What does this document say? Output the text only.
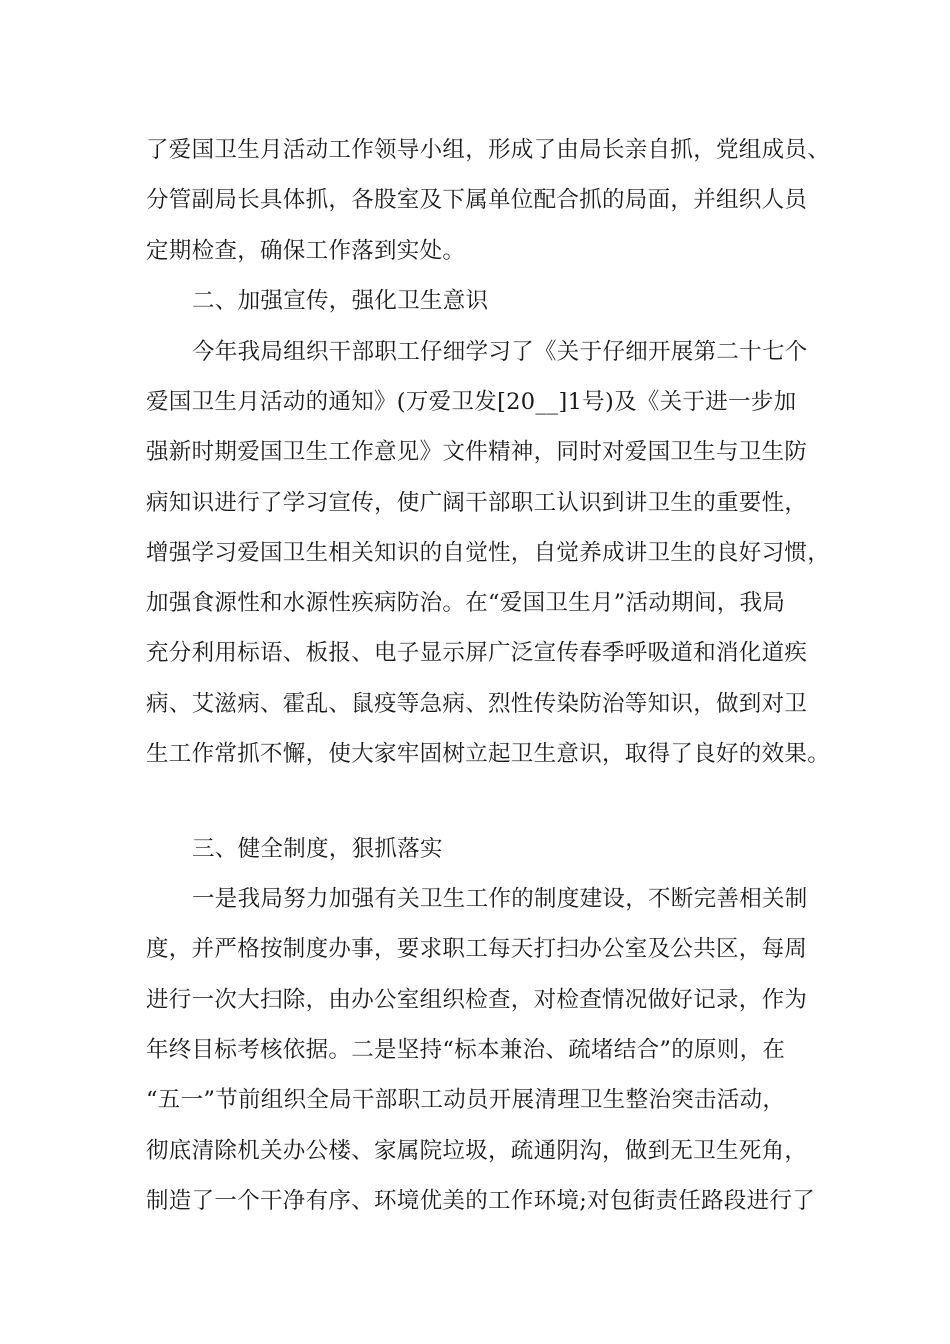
了爱国卫生月活动工作领导小组，形成了由局长亲自抓，党组成员、
分管副局长具体抓，各股室及下属单位配合抓的局面，并组织人员
定期检查，确保工作落到实处。
二、加强宣传，强化卫生意识
今年我局组织干部职工仔细学习了《关于仔细开展第二十七个
爱国卫生月活动的通知》(万爱卫发[20__]1号)及《关于进一步加
强新时期爱国卫生工作意见》文件精神，同时对爱国卫生与卫生防
病知识进行了学习宣传，使广阔干部职工认识到讲卫生的重要性，
增强学习爱国卫生相关知识的自觉性，自觉养成讲卫生的良好习惯，
加强食源性和水源性疾病防治。在“爱国卫生月”活动期间，我局
充分利用标语、板报、电子显示屏广泛宣传春季呼吸道和消化道疾
病、艾滋病、霍乱、鼠疫等急病、烈性传染防治等知识，做到对卫
生工作常抓不懈，使大家牢固树立起卫生意识，取得了良好的效果。
三、健全制度，狠抓落实
一是我局努力加强有关卫生工作的制度建设，不断完善相关制
度，并严格按制度办事，要求职工每天打扫办公室及公共区，每周
进行一次大扫除，由办公室组织检查，对检查情况做好记录，作为
年终目标考核依据。二是坚持“标本兼治、疏堵结合”的原则，在
“五一”节前组织全局干部职工动员开展清理卫生整治突击活动，
彻底清除机关办公楼、家属院垃圾，疏通阴沟，做到无卫生死角，
制造了一个干净有序、环境优美的工作环境;对包街责任路段进行了
